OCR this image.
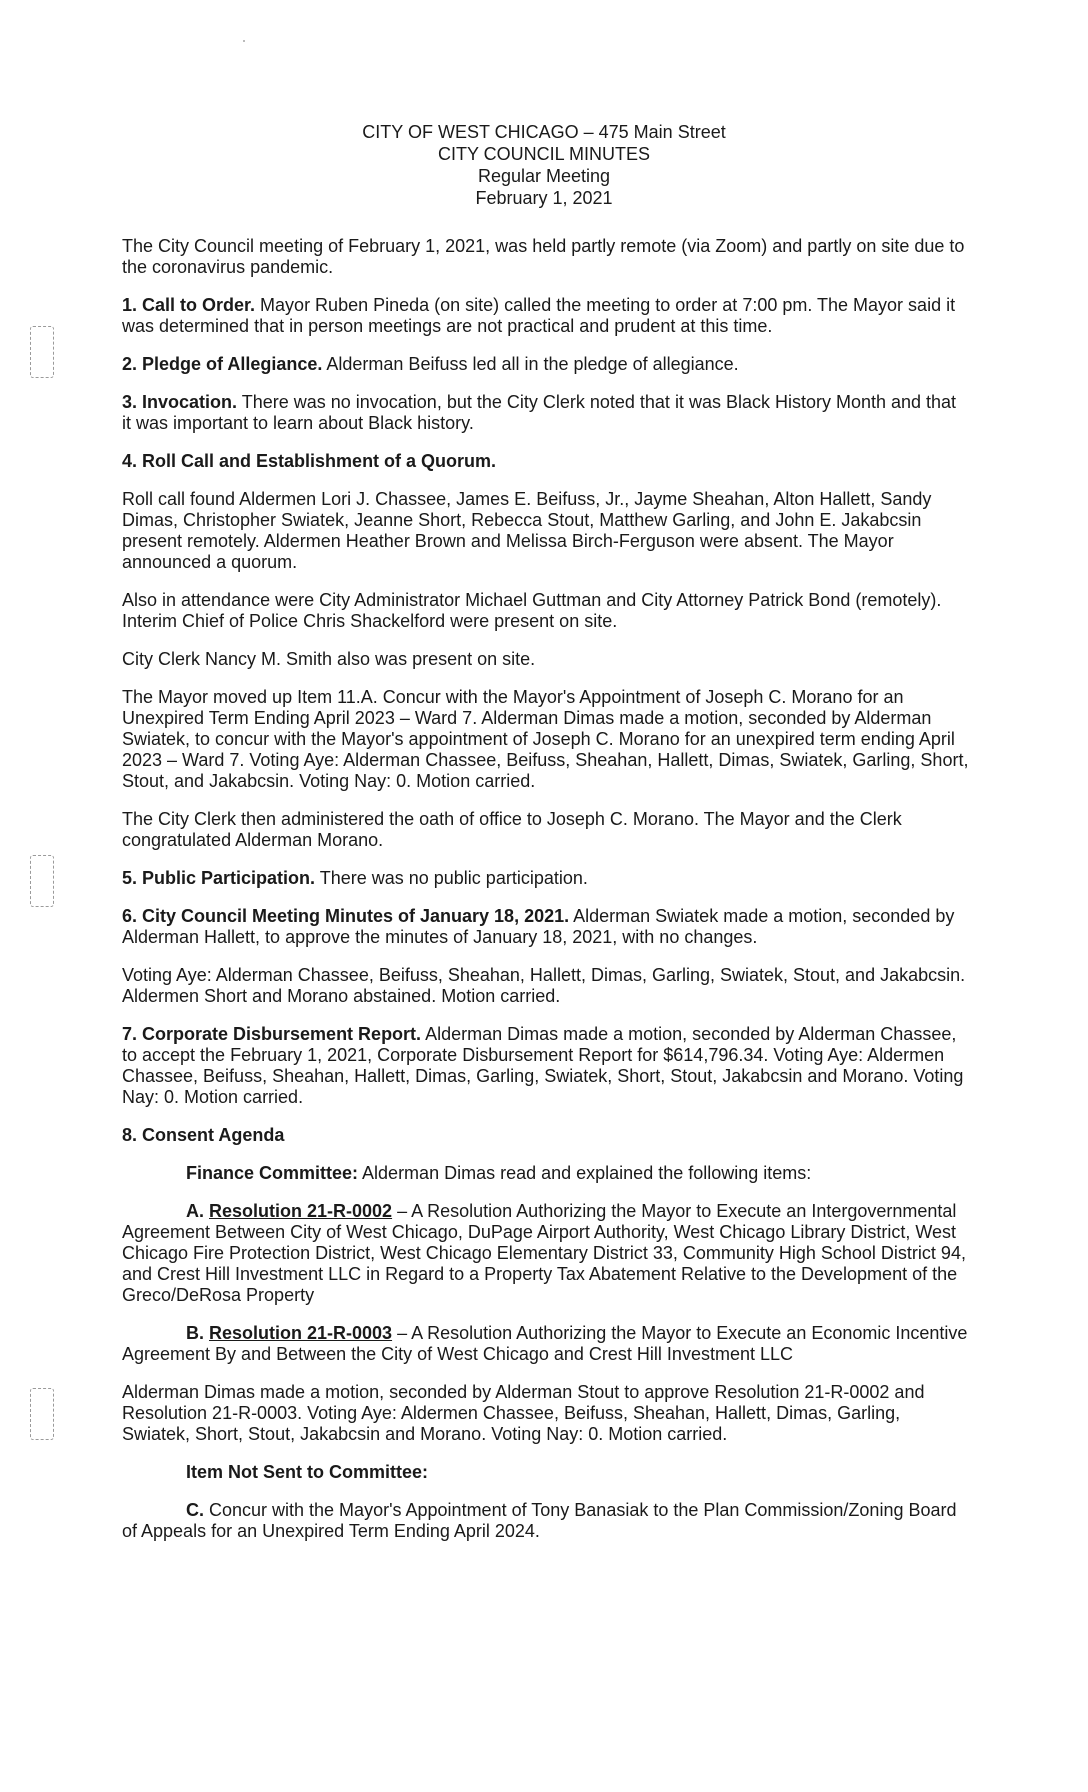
CITY OF WEST CHICAGO – 475 Main Street
CITY COUNCIL MINUTES
Regular Meeting
February 1, 2021

The City Council meeting of February 1, 2021, was held partly remote (via Zoom) and partly on site due to the coronavirus pandemic.

1. Call to Order. Mayor Ruben Pineda (on site) called the meeting to order at 7:00 pm. The Mayor said it was determined that in person meetings are not practical and prudent at this time.

2. Pledge of Allegiance. Alderman Beifuss led all in the pledge of allegiance.

3. Invocation. There was no invocation, but the City Clerk noted that it was Black History Month and that it was important to learn about Black history.

4. Roll Call and Establishment of a Quorum.

Roll call found Aldermen Lori J. Chassee, James E. Beifuss, Jr., Jayme Sheahan, Alton Hallett, Sandy Dimas, Christopher Swiatek, Jeanne Short, Rebecca Stout, Matthew Garling, and John E. Jakabcsin present remotely. Aldermen Heather Brown and Melissa Birch-Ferguson were absent. The Mayor announced a quorum.

Also in attendance were City Administrator Michael Guttman and City Attorney Patrick Bond (remotely). Interim Chief of Police Chris Shackelford were present on site.

City Clerk Nancy M. Smith also was present on site.

The Mayor moved up Item 11.A. Concur with the Mayor's Appointment of Joseph C. Morano for an Unexpired Term Ending April 2023 – Ward 7. Alderman Dimas made a motion, seconded by Alderman Swiatek, to concur with the Mayor's appointment of Joseph C. Morano for an unexpired term ending April 2023 – Ward 7. Voting Aye: Alderman Chassee, Beifuss, Sheahan, Hallett, Dimas, Swiatek, Garling, Short, Stout, and Jakabcsin. Voting Nay: 0. Motion carried.

The City Clerk then administered the oath of office to Joseph C. Morano. The Mayor and the Clerk congratulated Alderman Morano.

5. Public Participation. There was no public participation.

6. City Council Meeting Minutes of January 18, 2021. Alderman Swiatek made a motion, seconded by Alderman Hallett, to approve the minutes of January 18, 2021, with no changes.

Voting Aye: Alderman Chassee, Beifuss, Sheahan, Hallett, Dimas, Garling, Swiatek, Stout, and Jakabcsin. Aldermen Short and Morano abstained. Motion carried.

7. Corporate Disbursement Report. Alderman Dimas made a motion, seconded by Alderman Chassee, to accept the February 1, 2021, Corporate Disbursement Report for $614,796.34. Voting Aye: Aldermen Chassee, Beifuss, Sheahan, Hallett, Dimas, Garling, Swiatek, Short, Stout, Jakabcsin and Morano. Voting Nay: 0. Motion carried.

8. Consent Agenda

Finance Committee: Alderman Dimas read and explained the following items:

A. Resolution 21-R-0002 – A Resolution Authorizing the Mayor to Execute an Intergovernmental Agreement Between City of West Chicago, DuPage Airport Authority, West Chicago Library District, West Chicago Fire Protection District, West Chicago Elementary District 33, Community High School District 94, and Crest Hill Investment LLC in Regard to a Property Tax Abatement Relative to the Development of the Greco/DeRosa Property

B. Resolution 21-R-0003 – A Resolution Authorizing the Mayor to Execute an Economic Incentive Agreement By and Between the City of West Chicago and Crest Hill Investment LLC

Alderman Dimas made a motion, seconded by Alderman Stout to approve Resolution 21-R-0002 and Resolution 21-R-0003. Voting Aye: Aldermen Chassee, Beifuss, Sheahan, Hallett, Dimas, Garling, Swiatek, Short, Stout, Jakabcsin and Morano. Voting Nay: 0. Motion carried.

Item Not Sent to Committee:

C. Concur with the Mayor's Appointment of Tony Banasiak to the Plan Commission/Zoning Board of Appeals for an Unexpired Term Ending April 2024.
